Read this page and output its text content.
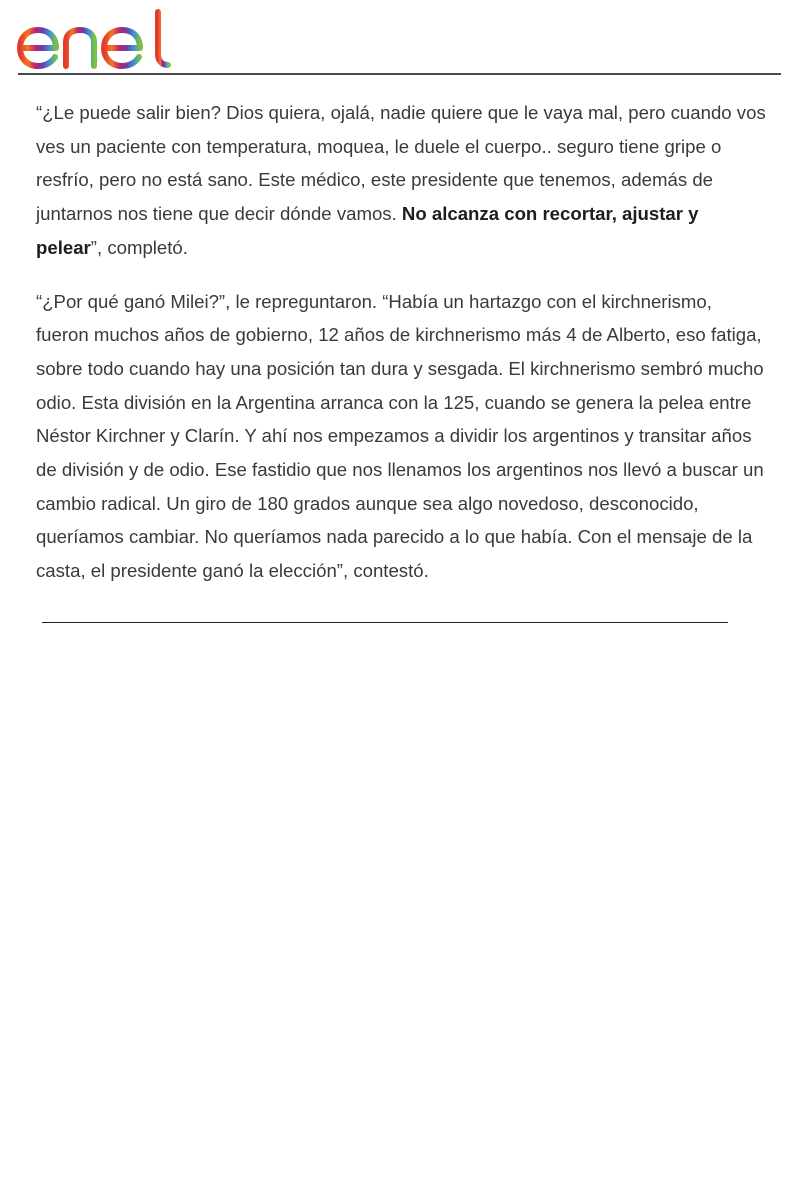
“¿Le puede salir bien? Dios quiera, ojalá, nadie quiere que le vaya mal, pero cuando vos ves un paciente con temperatura, moquea, le duele el cuerpo.. seguro tiene gripe o resfrío, pero no está sano. Este médico, este presidente que tenemos, además de juntarnos nos tiene que decir dónde vamos. No alcanza con recortar, ajustar y pelear”, completó.

“¿Por qué ganó Milei?”, le repreguntaron. “Había un hartazgo con el kirchnerismo, fueron muchos años de gobierno, 12 años de kirchnerismo más 4 de Alberto, eso fatiga, sobre todo cuando hay una posición tan dura y sesgada. El kirchnerismo sembró mucho odio. Esta división en la Argentina arranca con la 125, cuando se genera la pelea entre Néstor Kirchner y Clarín. Y ahí nos empezamos a dividir los argentinos y transitar años de división y de odio. Ese fastidio que nos llenamos los argentinos nos llevó a buscar un cambio radical. Un giro de 180 grados aunque sea algo novedoso, desconocido, queríamos cambiar. No queríamos nada parecido a lo que había. Con el mensaje de la casta, el presidente ganó la elección”, contestó.
